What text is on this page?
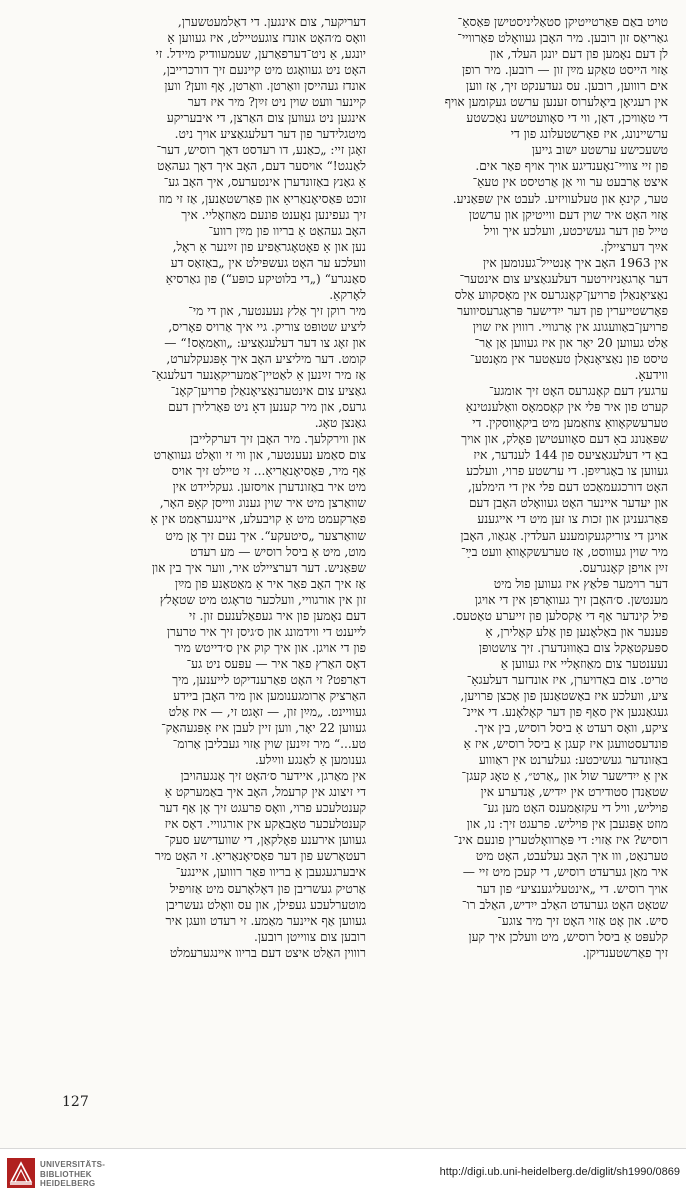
טויט באַם פּאַרטייטיקן סטאַליניסטישן פּאַסאַ־
גאַריאַס זון רובען. מיר האָבן געוואָלט פאַרוויי־
לן דעם נאָמען פון דעם יונגן העלד, און
אַזוי הייסט טאַקע מײַן זון — רובען. מיר רופן
אים רוווען, רובען. עס געדענקט זיך, אַז ווען
אין רעגיאָן ביאָלערוס זענען ערשט געקומען אויף
די טאָוויכן, דאַן, ווי די סאָוועטישע נאַכשטע
ערשיינונג, איז פאָרשטעלונג פון די
טשעכישע ערשטע ישוב גייען
פון זיי צוויי־נאָענדיגע אויך אויף פאַר אים.
איצט אַרבעט ער ווי אַן אַרטיסט אין טעאַ־
טער, קינאָ און טעלעוויזיע. לעבט אין שפּאַניע.
אַזוי האָט איר שוין דעם ווייטיקן און ערשטן
טייל פון דער געשיכטע, וועלכע איך וויל
אײַך דערציילן.
אין 1963 האָב איך אָנטייל־גענומען אין
דער אָרגאַניזירטער דעלעגאַציע צום אינטער־
נאַציאָנאַלן פרויען־קאָנגרעס אין מאָסקווע אַלס
פאָרשטייערין פון דער ייִדישער פּראָגרעסיווער
פרויען־באַוועגונג אין אָרגוויי. רוווין איז שוין
אַלט געווען 20 יאָר און איז געווען אַן אַר־
טיסט פון נאַציאָנאַלן טעאַטער אין מאָנטע־
ווידעאָ.
ערגעץ דעם קאָנגרעס האָט זיך אומגע־
קערט פון איר פּלי אין קאָסמאָס וואַלענטינאַ
טערעשקאָוואַ צוזאַמען מיט ביקאָווסקין. די
שפּאַנונג באַ דעם סאָוועטישן פאָלק, און אויך
באַ די דעלעגאַציעס פון 144 לענדער, איז
געווען צו באַגרײַפן. די ערשטע פרוי, וועלכע
האָט דורכגעמאַכט דעם פלי אין די הימלען,
און יעדער איינער האָט געוואָלט האָבן דעם
פאַרגעניגן און זכות צו זען מיט די אייגענע
אויגן די צוריקגעקומענע העלדין. אַגאַוו, האָבן
מיר שוין געוווסט, אַז טערעשקאָוואַ וועט בײַ־
זײַן אויפן קאָנגרעס.
דער רוימער פּלאַץ איז געווען פול מיט
מענטשן. ס׳האָבן זיך געוואָרפן אין די אויגן
פיל קינדער אַף די אַקסלען פון זייערע טאַטעס.
פענער און באַלאָנען פון אַלע קאָלירן, אַ
ספּעקטאַקל צום באַוווּנדערן. זיך צושטופּן
נעענטער צום מאַוזאָליי איז געווען אַ
טריט. צום באַדויערן, איז אונדזער דעלעגאַ־
ציע, וועלכע איז באַשטאַנען פון אַכצן פרויען,
געגאַנגען אין סאַף פון דער קאָלאָנע. די איינ־
ציקע, וואָס רעדט אַ ביסל רוסיש, בין איך.
פונדעסטוועגן איז קעגן אַ ביסל רוסיש, איז אַ
באַזונדער געשיכטע: געלערנט אין ראַוווע
אין אַ ייִדישער שול און „אַרט״, אַ טאָג קעגן־
שטאַנדן סטודירט אין ייִדיש, אַנדערע אין
פויליש, וויל די עקזאַמענס האָט מען גע־
מוזט אָפּגעבן אין פויליש. פרעגט זיך: נו, און
רוסיש? איז אַזוי: די פּאַרוואָלטערין פונעם אינ־
טערנאַט, ווו איך האָב געלעבט, האָט מיט
איר מאַן גערעדט רוסיש, די קעכן מיט זיי —
אויך רוסיש. די „אינטעליגענציע״ פון דער
שטאָט האָט גערעדט האַלב ייִדיש, האַלב רו־
סיש. און אָט אַזוי האָט זיך מיר צוגע־
קלעפּט אַ ביסל רוסיש, מיט וועלכן איך קען
זיך פאַרשטענדיקן.
דעריקער, צום אינגען. די דאַלמעטשערן,
וואָס מ׳האָט אונדז צוגעטיילט, איז געווען אַ
יונגע, אַ ניט־דערפאַרען, שעמעוודיק מיידל. זי
האָט ניט געוואָגט מיט קיינעם זיך דורכרייבן,
אונדז געהייסן וואַרטן. וואַרטן, אָף ווען? ווען
קיינער וועט שוין ניט זײַן? מיר איז דער
אינגען ניט געווען צום האַרצן, די איבעריקע
מיטגלידער פון דער דעלעגאַציע אויך ניט.
זאָגן זיי: „כאַנע, דו רעדסט דאָך רוסיש, דער־
לאַנגט!“ אויסער דעם, האָב איך דאָך געהאַט
אַ גאַנץ באַזונדערן אינטערעס, איך האָב גע־
זוכט פּאַסיאָנאַריאַ און פאַרשטאַנען, אַז זי מוז
זיך געפינען נאָענט פונעם מאַוזאָליי. איך
האָב געהאַט אַ בריוו פון מײַן רווע־
נען און אַ פאָטאָגראַפיע פון זײַנער אַ ראָל,
וועלכע ער האָט געשפּילט אין „באַזאַס דע
סאַנגרע“ („די בלוטיקע כופּע“) פון גאַרסיאַ
לאָרקאַ.
מיר רוקן זיך אַלץ נעענטער, און די מי־
ליציע שטופּט צוריק. גיי איך אַרויס פאָריס,
און זאָג צו דער דעלעגאַציע: „וואַמאָס!“ —
קומט. דער מיליציע האָב איך אָפּגעקלערט,
אַז מיר זײַנען אַ לאַטיין־אַמעריקאַנער דעלעגאַ־
גאַציע צום אינטערנאַציאָנאַלן פרויען־קאָנ־
גרעס, און מיר קענען דאָ ניט פאַרלירן דעם
גאַנצן טאָג.
און ווירקלעך. מיר האָבן זיך דערקלייבן
צום סאַמע נעענטער, און ווי זי וואָלט געוואַרט
אַף מיר, פּאַסיאָנאַריאַ... זי טיילט זיך אויס
מיט איר באַזונדערן אויסזען. געקליידט אין
שוואַרצן מיט איר שוין גענוג ווייסן קאָפּ האָר,
פאַרקעמט מיט אַ קויבעלע, איינגעראַמט אין אַ
שוואַרצער „סיטעקע“. איך נעם זיך אָן מיט
מוט, מיט אַ ביסל רוסיש — מע רעדט
שפּאַניש. דער דערציילט איר, ווער איך בין און
אַז איך האָב פאַר איר אַ מאַטאַנע פון מײַן
זון אין אורגוויי, וועלכער טראָגט מיט שטאָלץ
דעם נאָמען פון איר געפאַלענעם זון. זי
לייענט די ווידמונג און ס׳גיסן זיך איר טרערן
פון די אויגן. און איך קוק אין ס׳דייטש מיר
דאָס האַרץ פאַר איר — עפּעס ניט גע־
דאַרפט? זי האָט פאַרענדיקט לייענען, מיך
האַרציק אַרומגענומען און מיר האָבן ביידע
געוויינט. „מײַן זון, — זאָגט זי, — איז אַלט
געווען 22 יאָר, ווען זיין לעבן איז אָפּגעהאַק־
טע...“ מיר זײַנען שוין אַזוי געבליבן אַרומ־
גענומען אַ לאַנגע ווײַלע.
אין מאַרגן, איידער ס׳האָט זיך אָנגעהויבן
די זיצונג אין קרעמל, האָב איך באַמערקט אַ
קענטלעכע פרוי, וואָס פרעגט זיך אָן אַף דער
קענטלעכער טאָבאַקע אין אורגוויי. דאָס איז
געווען אירענע פאָלקאַן, די שוועדישע סעק־
רעטאַרשע פון דער פאַסיאָנאַריאַ. זי האָט מיר
איבערגעגעבן אַ בריוו פאַר רוווען, איינגע־
אַרטיק געשריבן פון דאָלאָרעס מיט אַזויפיל
מוטערלעכע געפילן, און עס וואָלט געשריבן
געווען אַף איינער מאַמע. זי רעדט וועגן איר
רובען צום צווייטן רובען.
רוווין האַלט איצט דעם בריוו איינגערעמלט
127
UNIVERSITÄTS-
BIBLIOTHEK
HEIDELBERG
http://digi.ub.uni-heidelberg.de/diglit/sh1990/0869
